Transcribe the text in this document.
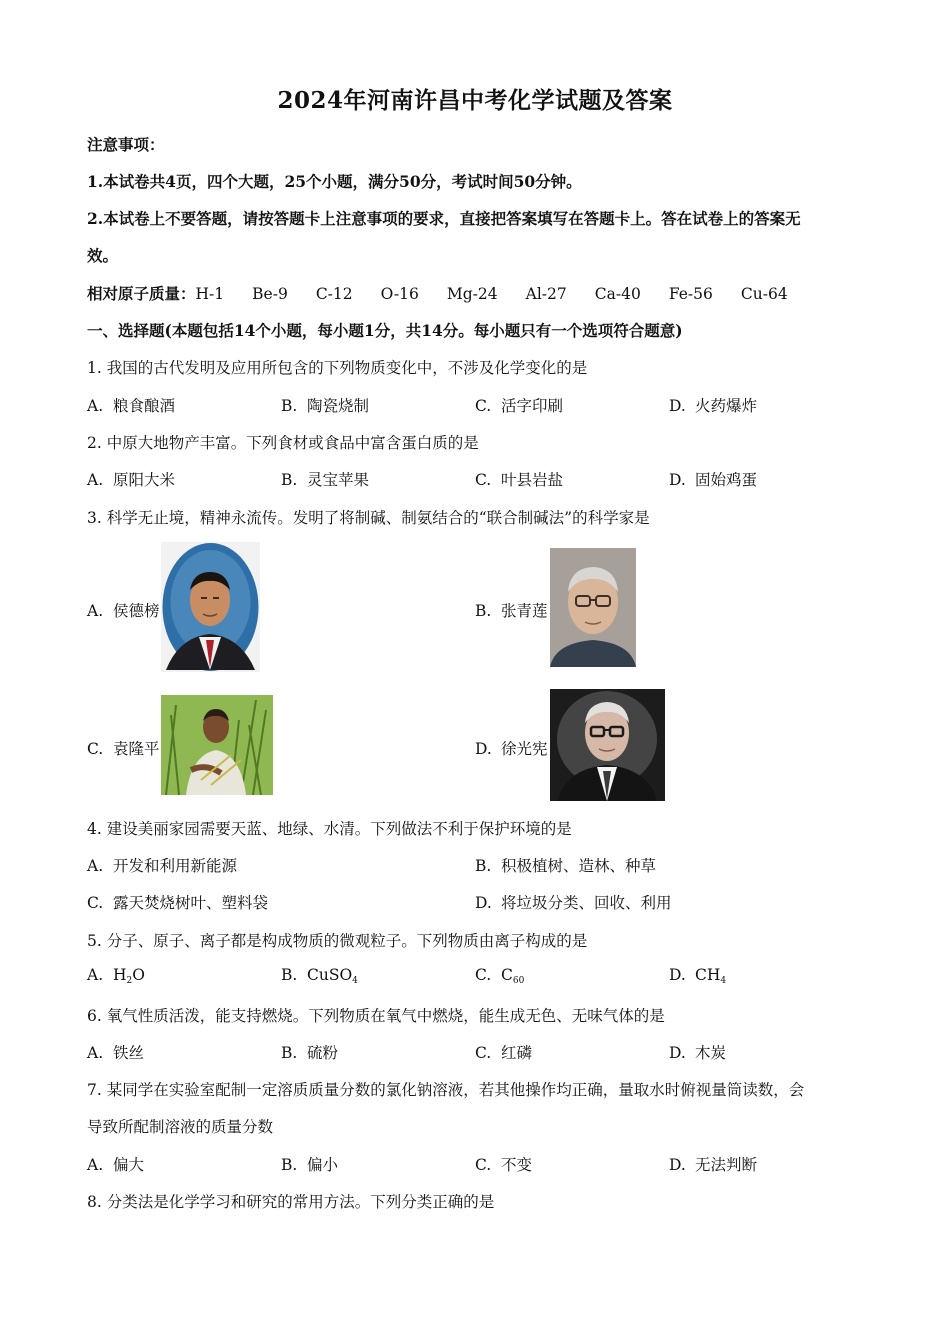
2024年河南许昌中考化学试题及答案
注意事项：
1.本试卷共4页，四个大题，25个小题，满分50分，考试时间50分钟。
2.本试卷上不要答题，请按答题卡上注意事项的要求，直接把答案填写在答题卡上。答在试卷上的答案无
效。
相对原子质量：H-1 Be-9 C-12 O-16 Mg-24 Al-27 Ca-40 Fe-56 Cu-64
一、选择题(本题包括14个小题，每小题1分，共14分。每小题只有一个选项符合题意)
1. 我国的古代发明及应用所包含的下列物质变化中，不涉及化学变化的是
A. 粮食酿酒	B. 陶瓷烧制	C. 活字印刷	D. 火药爆炸
2. 中原大地物产丰富。下列食材或食品中富含蛋白质的是
A. 原阳大米	B. 灵宝苹果	C. 叶县岩盐	D. 固始鸡蛋
3. 科学无止境，精神永流传。发明了将制碱、制氨结合的“联合制碱法”的科学家是
A. 侯德榜	B. 张青莲
C. 袁隆平	D. 徐光宪
4. 建设美丽家园需要天蓝、地绿、水清。下列做法不利于保护环境的是
A. 开发和利用新能源	B. 积极植树、造林、种草
C. 露天焚烧树叶、塑料袋	D. 将垃圾分类、回收、利用
5. 分子、原子、离子都是构成物质的微观粒子。下列物质由离子构成的是
A. $H_2O$	B. CuSO$_4$	C. $C_{60}$	D. $CH_4$
6. 氧气性质活泼，能支持燃烧。下列物质在氧气中燃烧，能生成无色、无味气体的是
A. 铁丝	B. 硫粉	C. 红磷	D. 木炭
7. 某同学在实验室配制一定溶质质量分数的氯化钠溶液，若其他操作均正确，量取水时俯视量筒读数，会
导致所配制溶液的质量分数
A. 偏大	B. 偏小	C. 不变	D. 无法判断
8. 分类法是化学学习和研究的常用方法。下列分类正确的是
